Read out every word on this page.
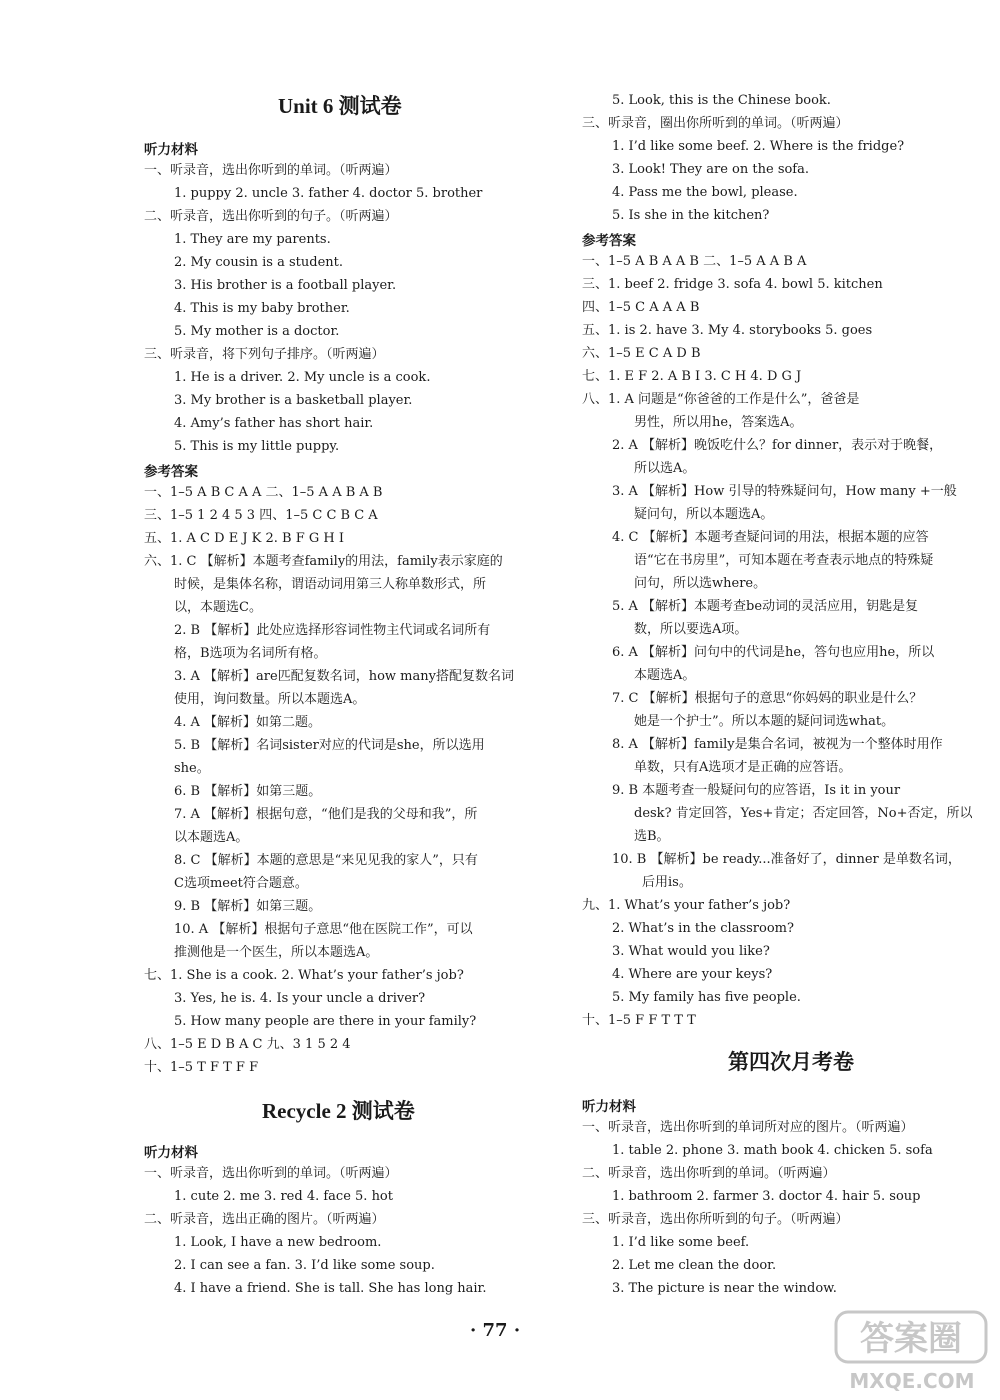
Unit 6 测试卷
听力材料
一、听录音，选出你听到的单词。（听两遍）
1. puppy 2. uncle 3. father 4. doctor 5. brother
二、听录音，选出你听到的句子。（听两遍）
1. They are my parents.
2. My cousin is a student.
3. His brother is a football player.
4. This is my baby brother.
5. My mother is a doctor.
三、听录音，将下列句子排序。（听两遍）
1. He is a driver. 2. My uncle is a cook.
3. My brother is a basketball player.
4. Amy’s father has short hair.
5. This is my little puppy.
参考答案
一、1–5 A B C A A 二、1–5 A A B A B
三、1–5 1 2 4 5 3 四、1–5 C C B C A
五、1. A C D E J K 2. B F G H I
六、1. C 【解析】本题考查family的用法，family表示家庭的
时候，是集体名称，谓语动词用第三人称单数形式，所
以，本题选C。
2. B 【解析】此处应选择形容词性物主代词或名词所有
格，B选项为名词所有格。
3. A 【解析】are匹配复数名词，how many搭配复数名词
使用，询问数量。所以本题选A。
4. A 【解析】如第二题。
5. B 【解析】名词sister对应的代词是she，所以选用
she。
6. B 【解析】如第三题。
7. A 【解析】根据句意，“他们是我的父母和我”，所
以本题选A。
8. C 【解析】本题的意思是“来见见我的家人”，只有
C选项meet符合题意。
9. B 【解析】如第三题。
10. A 【解析】根据句子意思“他在医院工作”，可以
推测他是一个医生，所以本题选A。
七、1. She is a cook. 2. What’s your father’s job?
3. Yes, he is. 4. Is your uncle a driver?
5. How many people are there in your family?
八、1–5 E D B A C 九、3 1 5 2 4
十、1–5 T F T F F
Recycle 2 测试卷
听力材料
一、听录音，选出你听到的单词。（听两遍）
1. cute 2. me 3. red 4. face 5. hot
二、听录音，选出正确的图片。（听两遍）
1. Look, I have a new bedroom.
2. I can see a fan. 3. I’d like some soup.
4. I have a friend. She is tall. She has long hair.
5. Look, this is the Chinese book.
三、听录音，圈出你所听到的单词。（听两遍）
1. I’d like some beef. 2. Where is the fridge?
3. Look! They are on the sofa.
4. Pass me the bowl, please.
5. Is she in the kitchen?
参考答案
一、1–5 A B A A B 二、1–5 A A B A
三、1. beef 2. fridge 3. sofa 4. bowl 5. kitchen
四、1–5 C A A A B
五、1. is 2. have 3. My 4. storybooks 5. goes
六、1–5 E C A D B
七、1. E F 2. A B I 3. C H 4. D G J
八、1. A 问题是“你爸爸的工作是什么”，爸爸是
男性，所以用he，答案选A。
2. A 【解析】晚饭吃什么？for dinner，表示对于晚餐，
所以选A。
3. A 【解析】How 引导的特殊疑问句，How many +一般
疑问句，所以本题选A。
4. C 【解析】本题考查疑问词的用法，根据本题的应答
语“它在书房里”，可知本题在考查表示地点的特殊疑
问句，所以选where。
5. A 【解析】本题考查be动词的灵活应用，钥匙是复
数，所以要选A项。
6. A 【解析】问句中的代词是he，答句也应用he，所以
本题选A。
7. C 【解析】根据句子的意思“你妈妈的职业是什么？
她是一个护士”。所以本题的疑问词选what。
8. A 【解析】family是集合名词，被视为一个整体时用作
单数，只有A选项才是正确的应答语。
9. B 本题考查一般疑问句的应答语，Is it in your
desk? 肯定回答，Yes+肯定；否定回答，No+否定，所以
选B。
10. B 【解析】be ready...准备好了，dinner 是单数名词，
后用is。
九、1. What’s your father’s job?
2. What’s in the classroom?
3. What would you like?
4. Where are your keys?
5. My family has five people.
十、1–5 F F T T T
第四次月考卷
听力材料
一、听录音，选出你听到的单词所对应的图片。（听两遍）
1. table 2. phone 3. math book 4. chicken 5. sofa
二、听录音，选出你听到的单词。（听两遍）
1. bathroom 2. farmer 3. doctor 4. hair 5. soup
三、听录音，选出你所听到的句子。（听两遍）
1. I’d like some beef.
2. Let me clean the door.
3. The picture is near the window.
· 77 ·	答案圈
MXQE.COM
